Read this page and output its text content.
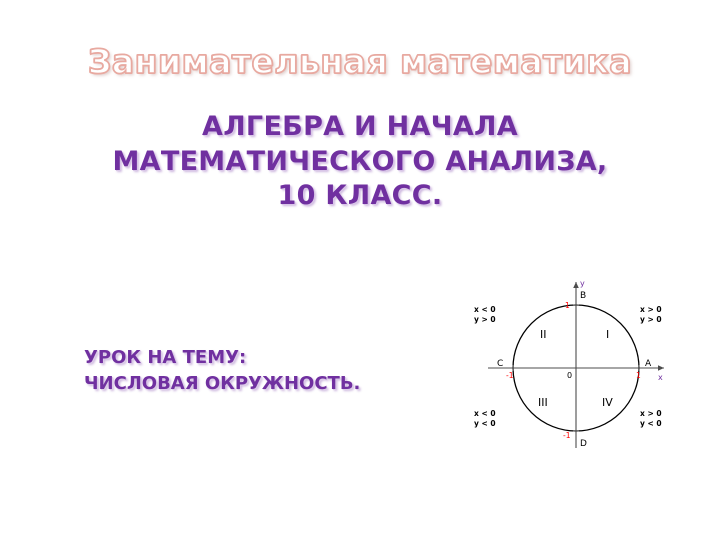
Занимательная математика
АЛГЕБРА И НАЧАЛА
МАТЕМАТИЧЕСКОГО АНАЛИЗА,
10 КЛАСС.
УРОК НА ТЕМУ:
ЧИСЛОВАЯ ОКРУЖНОСТЬ.
y
x
B
D
C	A
0	1
-1
1
-1
I
II
III	IV
x < 0
y > 0
x > 0
y > 0
x < 0
y < 0
x > 0
y < 0
